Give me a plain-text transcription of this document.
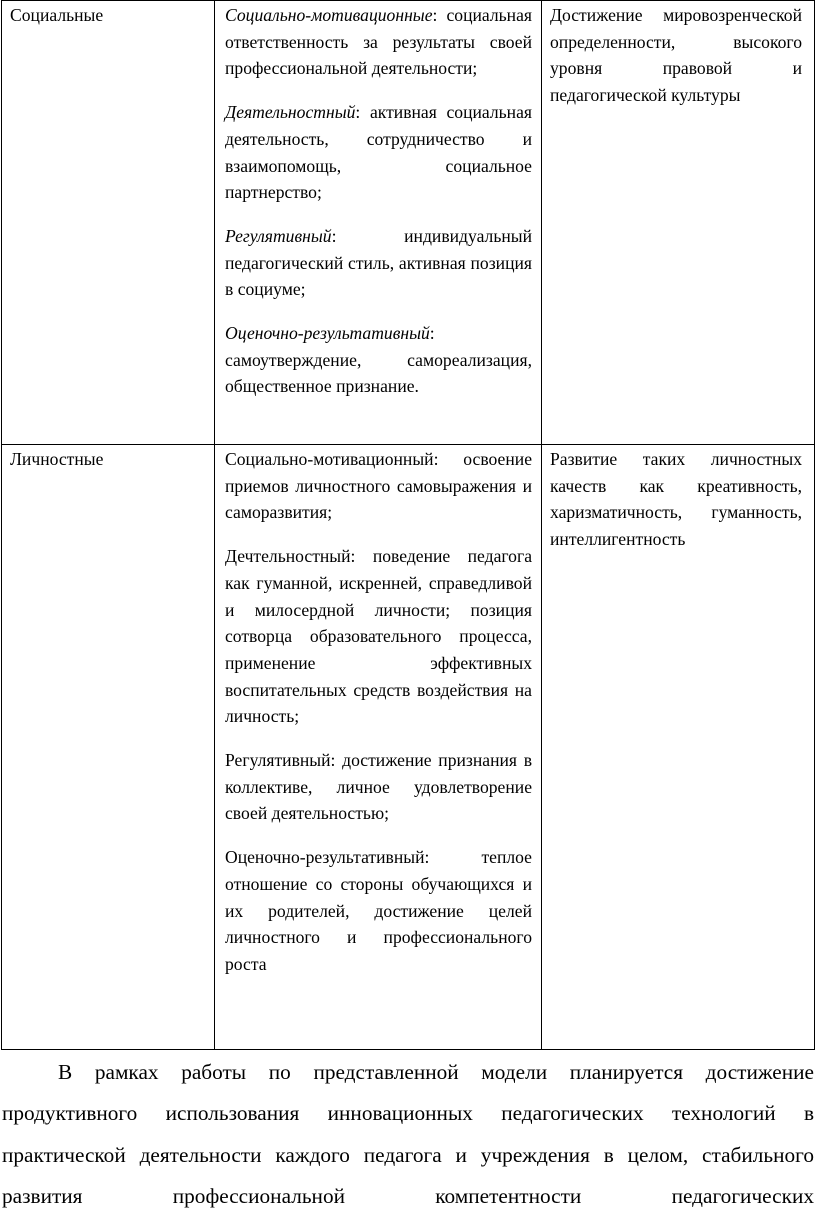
Социальные	Социально-мотивационные: социальная ответственность за результаты своей профессиональной деятельности;

Деятельностный: активная социальная деятельность, сотрудничество и взаимопомощь, социальное партнерство;

Регулятивный: индивидуальный педагогический стиль, активная позиция в социуме;

Оценочно-результативный: самоутверждение, самореализация, общественное признание.	Достижение мировозренческой определенности, высокого уровня правовой и педагогической культуры

Личностные	Социально-мотивационный: освоение приемов личностного самовыражения и саморазвития;

Дечтельностный: поведение педагога как гуманной, искренней, справедливой и милосердной личности; позиция сотворца образовательного процесса, применение эффективных воспитательных средств воздействия на личность;

Регулятивный: достижение признания в коллективе, личное удовлетворение своей деятельностью;

Оценочно-результативный: теплое отношение со стороны обучающихся и их родителей, достижение целей личностного и профессионального роста	Развитие таких личностных качеств как креативность, харизматичность, гуманность, интеллигентность

В рамках работы по представленной модели планируется достижение продуктивного использования инновационных педагогических технологий в практической деятельности каждого педагога и учреждения в целом, стабильного развития профессиональной компетентности педагогических
